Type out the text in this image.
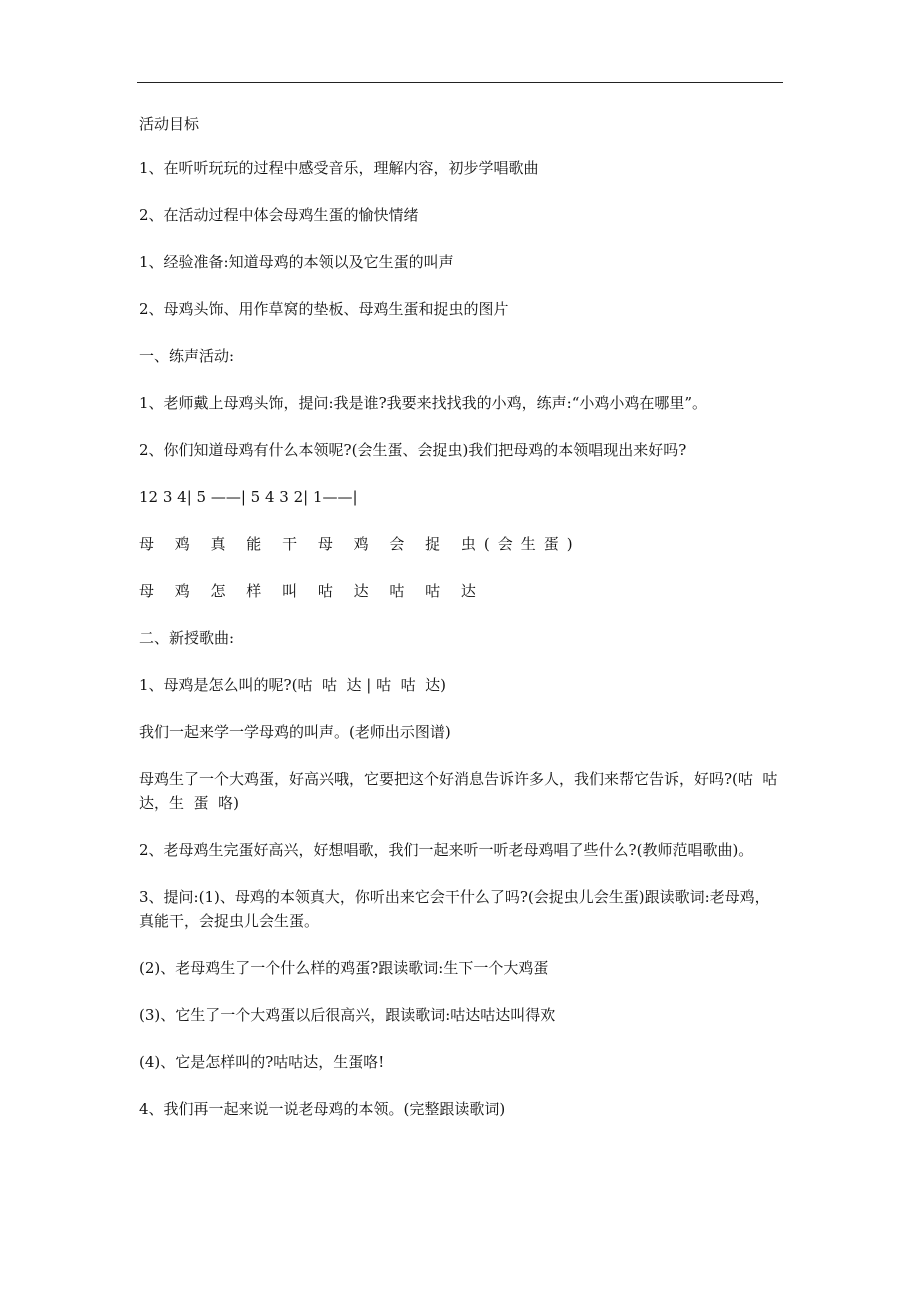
活动目标

1、在听听玩玩的过程中感受音乐，理解内容，初步学唱歌曲

2、在活动过程中体会母鸡生蛋的愉快情绪

1、经验准备:知道母鸡的本领以及它生蛋的叫声

2、母鸡头饰、用作草窝的垫板、母鸡生蛋和捉虫的图片

一、练声活动:

1、老师戴上母鸡头饰，提问:我是谁?我要来找找我的小鸡，练声:“小鸡小鸡在哪里”。

2、你们知道母鸡有什么本领呢?(会生蛋、会捉虫)我们把母鸡的本领唱现出来好吗?

12 3 4| 5 ——| 5 4 3 2| 1——|

母 鸡 真 能 干 母 鸡 会 捉 虫(会生蛋)

母 鸡 怎 样 叫 咕 达 咕 咕 达

二、新授歌曲:

1、母鸡是怎么叫的呢?(咕  咕  达 | 咕  咕  达)

我们一起来学一学母鸡的叫声。(老师出示图谱)

母鸡生了一个大鸡蛋，好高兴哦，它要把这个好消息告诉许多人，我们来帮它告诉，好吗?(咕  咕 达，生  蛋  咯)

2、老母鸡生完蛋好高兴，好想唱歌，我们一起来听一听老母鸡唱了些什么?(教师范唱歌曲)。

3、提问:(1)、母鸡的本领真大，你听出来它会干什么了吗?(会捉虫儿会生蛋)跟读歌词:老母鸡，真能干，会捉虫儿会生蛋。

(2)、老母鸡生了一个什么样的鸡蛋?跟读歌词:生下一个大鸡蛋

(3)、它生了一个大鸡蛋以后很高兴，跟读歌词:咕达咕达叫得欢

(4)、它是怎样叫的?咕咕达，生蛋咯!

4、我们再一起来说一说老母鸡的本领。(完整跟读歌词)
